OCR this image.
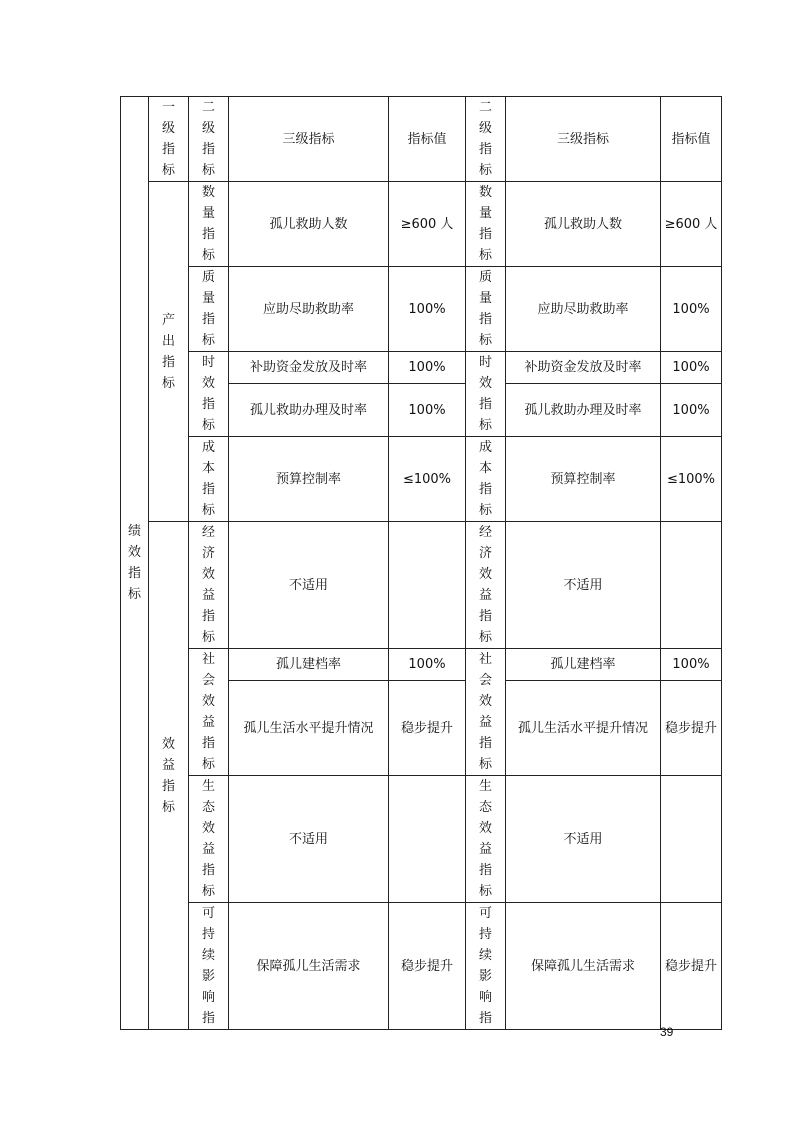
绩效指标	一级指标	二级指标	三级指标	指标值	二级指标	三级指标	指标值

	产出指标	数量指标	孤儿救助人数	≥600 人	数量指标	孤儿救助人数	≥600 人

		质量指标	应助尽助救助率	100%	质量指标	应助尽助救助率	100%

		时效指标	补助资金发放及时率	100%	时效指标	补助资金发放及时率	100%
			孤儿救助办理及时率	100%		孤儿救助办理及时率	100%

		成本指标	预算控制率	≤100%	成本指标	预算控制率	≤100%

	效益指标	经济效益指标	不适用		经济效益指标	不适用	

		社会效益指标	孤儿建档率	100%	社会效益指标	孤儿建档率	100%
			孤儿生活水平提升情况	稳步提升		孤儿生活水平提升情况	稳步提升

		生态效益指标	不适用		生态效益指标	不适用	

		可持续影响指	保障孤儿生活需求	稳步提升	可持续影响指	保障孤儿生活需求	稳步提升
39
